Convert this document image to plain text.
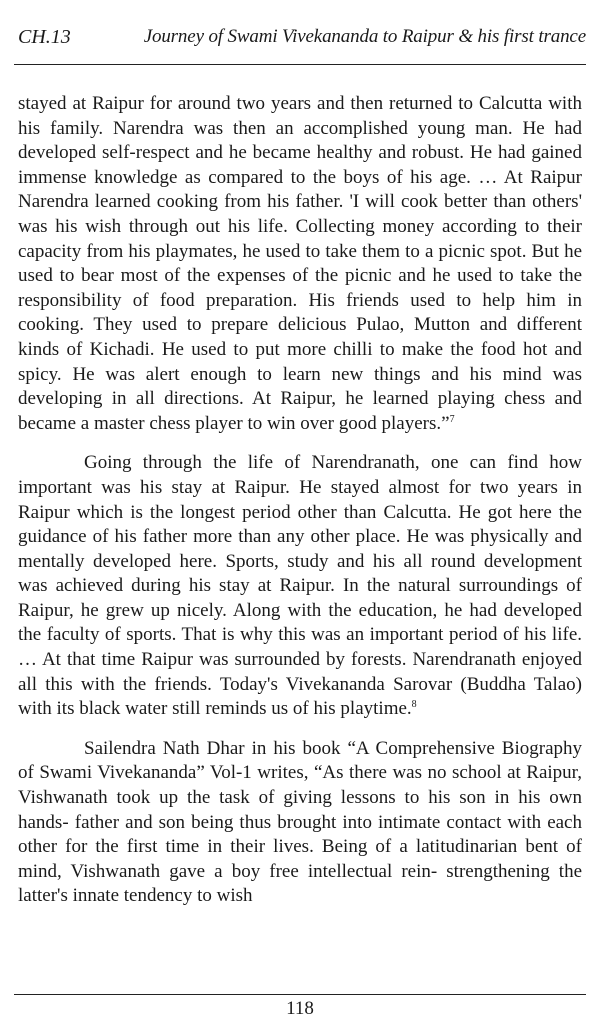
CH.13	Journey of Swami Vivekananda to Raipur & his first trance

stayed at Raipur for around two years and then returned to Calcutta with his family. Narendra was then an accomplished young man. He had developed self-respect and he became healthy and robust. He had gained immense knowledge as compared to the boys of his age. … At Raipur Narendra learned cooking from his father. 'I will cook better than others' was his wish through out his life. Collecting money according to their capacity from his playmates, he used to take them to a picnic spot. But he used to bear most of the expenses of the picnic and he used to take the responsibility of food preparation. His friends used to help him in cooking. They used to prepare delicious Pulao, Mutton and different kinds of Kichadi. He used to put more chilli to make the food hot and spicy. He was alert enough to learn new things and his mind was developing in all directions. At Raipur, he learned playing chess and became a master chess player to win over good players.”$^7$

Going through the life of Narendranath, one can find how important was his stay at Raipur. He stayed almost for two years in Raipur which is the longest period other than Calcutta. He got here the guidance of his father more than any other place. He was physically and mentally developed here. Sports, study and his all round development was achieved during his stay at Raipur. In the natural surroundings of Raipur, he grew up nicely. Along with the education, he had developed the faculty of sports. That is why this was an important period of his life. … At that time Raipur was surrounded by forests. Narendranath enjoyed all this with the friends. Today's Vivekananda Sarovar (Buddha Talao) with its black water still reminds us of his playtime.$^8$

Sailendra Nath Dhar in his book “A Comprehensive Biography of Swami Vivekananda” Vol-1 writes, “As there was no school at Raipur, Vishwanath took up the task of giving lessons to his son in his own hands- father and son being thus brought into intimate contact with each other for the first time in their lives. Being of a latitudinarian bent of mind, Vishwanath gave a boy free intellectual rein- strengthening the latter's innate tendency to wish

118
